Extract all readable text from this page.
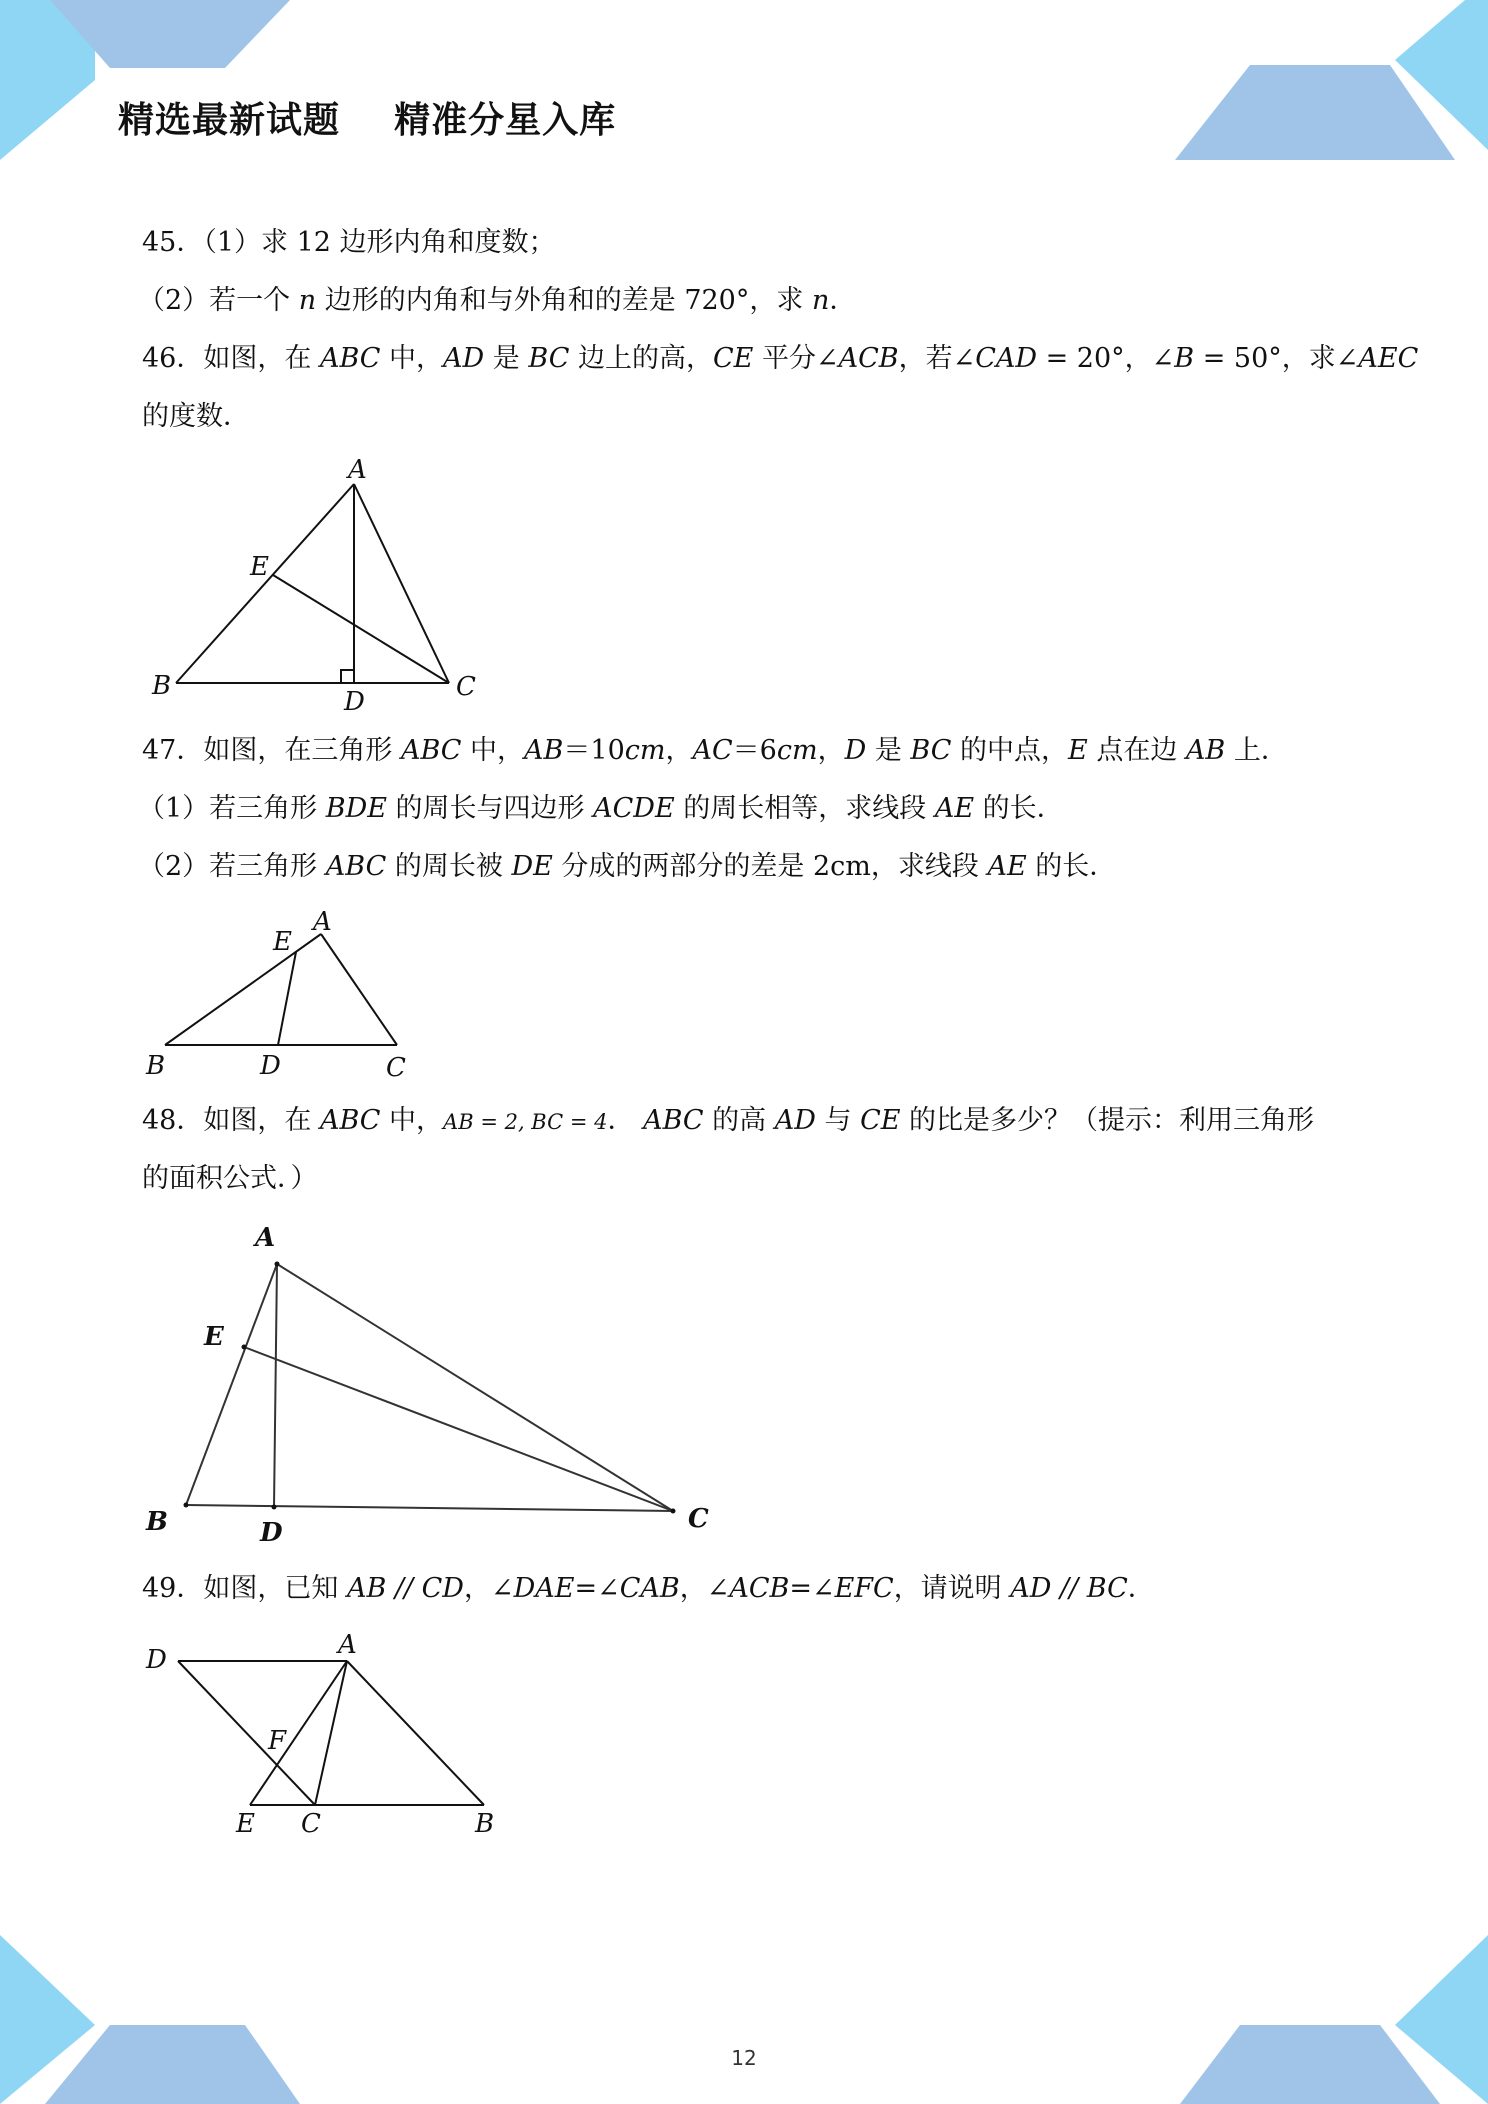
精选最新试题    精准分星入库
45．（1）求 12 边形内角和度数；
（2）若一个 n 边形的内角和与外角和的差是 720°，求 n．
46．如图，在 ABC 中，AD 是 BC 边上的高，CE 平分∠ACB，若∠CAD = 20°，∠B = 50°，求∠AEC
的度数．
A
E
B
D	C
47．如图，在三角形 ABC 中，AB＝10cm，AC＝6cm，D 是 BC 的中点，E 点在边 AB 上．
（1）若三角形 BDE 的周长与四边形 ACDE 的周长相等，求线段 AE 的长．
（2）若三角形 ABC 的周长被 DE 分成的两部分的差是 2cm，求线段 AE 的长．
E
A
B	D	C
48．如图，在 ABC 中，AB = 2, BC = 4． ABC 的高 AD 与 CE 的比是多少？（提示：利用三角形
的面积公式．）
A
E
B	D	C
49．如图，已知 AB // CD，∠DAE=∠CAB，∠ACB=∠EFC，请说明 AD // BC．
D	A
F
E C	B
12
